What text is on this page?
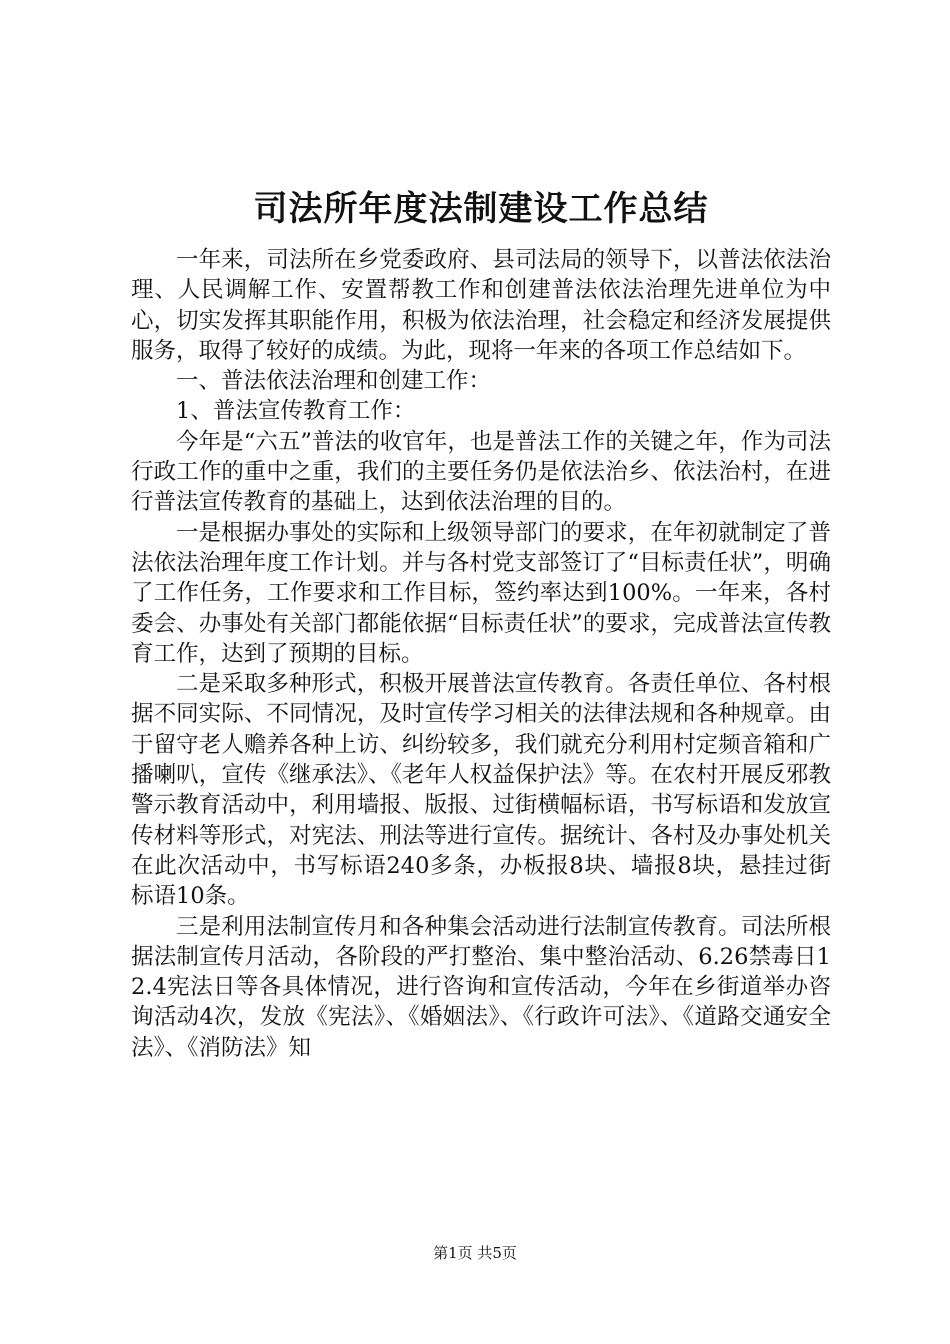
司法所年度法制建设工作总结

一年来，司法所在乡党委政府、县司法局的领导下，以普法依法治理、人民调解工作、安置帮教工作和创建普法依法治理先进单位为中心，切实发挥其职能作用，积极为依法治理，社会稳定和经济发展提供服务，取得了较好的成绩。为此，现将一年来的各项工作总结如下。

一、普法依法治理和创建工作：

1、普法宣传教育工作：

今年是“六五”普法的收官年，也是普法工作的关键之年，作为司法行政工作的重中之重，我们的主要任务仍是依法治乡、依法治村，在进行普法宣传教育的基础上，达到依法治理的目的。

一是根据办事处的实际和上级领导部门的要求，在年初就制定了普法依法治理年度工作计划。并与各村党支部签订了“目标责任状”，明确了工作任务，工作要求和工作目标，签约率达到100%。一年来，各村委会、办事处有关部门都能依据“目标责任状”的要求，完成普法宣传教育工作，达到了预期的目标。

二是采取多种形式，积极开展普法宣传教育。各责任单位、各村根据不同实际、不同情况，及时宣传学习相关的法律法规和各种规章。由于留守老人赡养各种上访、纠纷较多，我们就充分利用村定频音箱和广播喇叭，宣传《继承法》、《老年人权益保护法》等。在农村开展反邪教警示教育活动中，利用墙报、版报、过街横幅标语，书写标语和发放宣传材料等形式，对宪法、刑法等进行宣传。据统计、各村及办事处机关在此次活动中，书写标语240多条，办板报8块、墙报8块，悬挂过街标语10条。

三是利用法制宣传月和各种集会活动进行法制宣传教育。司法所根据法制宣传月活动，各阶段的严打整治、集中整治活动、6.26禁毒日12.4宪法日等各具体情况，进行咨询和宣传活动，今年在乡街道举办咨询活动4次，发放《宪法》、《婚姻法》、《行政许可法》、《道路交通安全法》、《消防法》知

第1页 共5页
